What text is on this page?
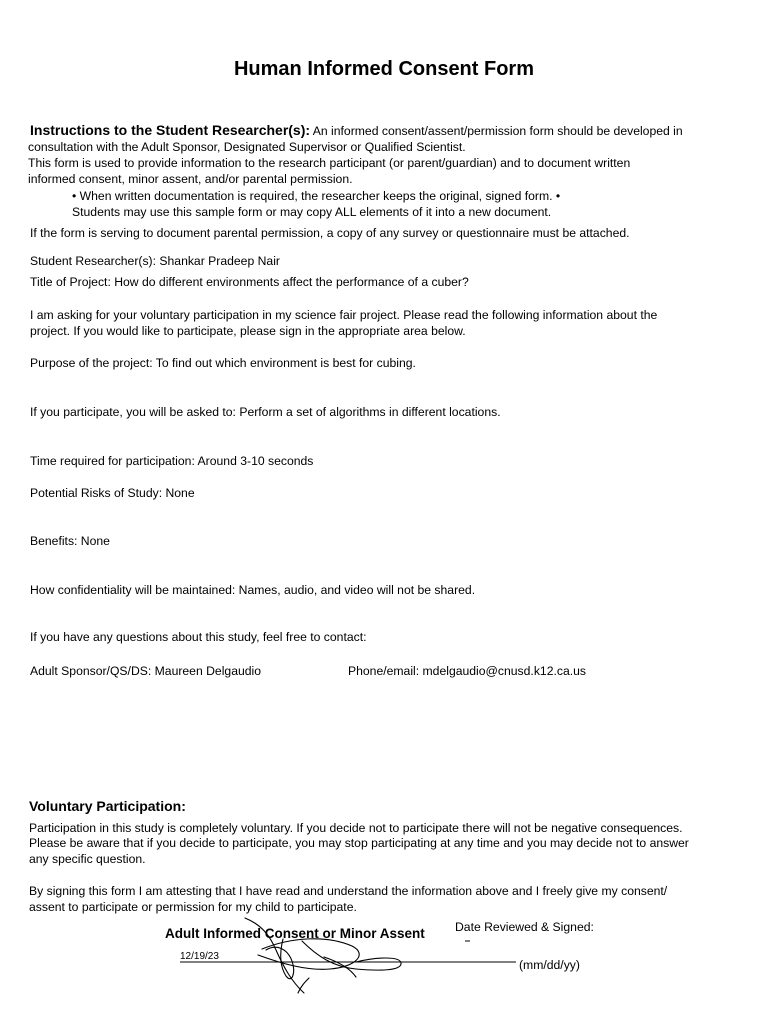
Human Informed Consent Form
Instructions to the Student Researcher(s): An informed consent/assent/permission form should be developed in
consultation with the Adult Sponsor, Designated Supervisor or Qualified Scientist.
This form is used to provide information to the research participant (or parent/guardian) and to document written
informed consent, minor assent, and/or parental permission.
• When written documentation is required, the researcher keeps the original, signed form. •
Students may use this sample form or may copy ALL elements of it into a new document.
If the form is serving to document parental permission, a copy of any survey or questionnaire must be attached.
Student Researcher(s): Shankar Pradeep Nair
Title of Project: How do different environments affect the performance of a cuber?
I am asking for your voluntary participation in my science fair project. Please read the following information about the
project. If you would like to participate, please sign in the appropriate area below.
Purpose of the project: To find out which environment is best for cubing.
If you participate, you will be asked to: Perform a set of algorithms in different locations.
Time required for participation: Around 3-10 seconds
Potential Risks of Study: None
Benefits: None
How confidentiality will be maintained: Names, audio, and video will not be shared.
If you have any questions about this study, feel free to contact:
Adult Sponsor/QS/DS: Maureen Delgaudio	Phone/email: mdelgaudio@cnusd.k12.ca.us
Voluntary Participation:
Participation in this study is completely voluntary. If you decide not to participate there will not be negative consequences.
Please be aware that if you decide to participate, you may stop participating at any time and you may decide not to answer
any specific question.
By signing this form I am attesting that I have read and understand the information above and I freely give my consent/
assent to participate or permission for my child to participate.
Adult Informed Consent or Minor Assent Date Reviewed & Signed:
12/19/23
(mm/dd/yy)
